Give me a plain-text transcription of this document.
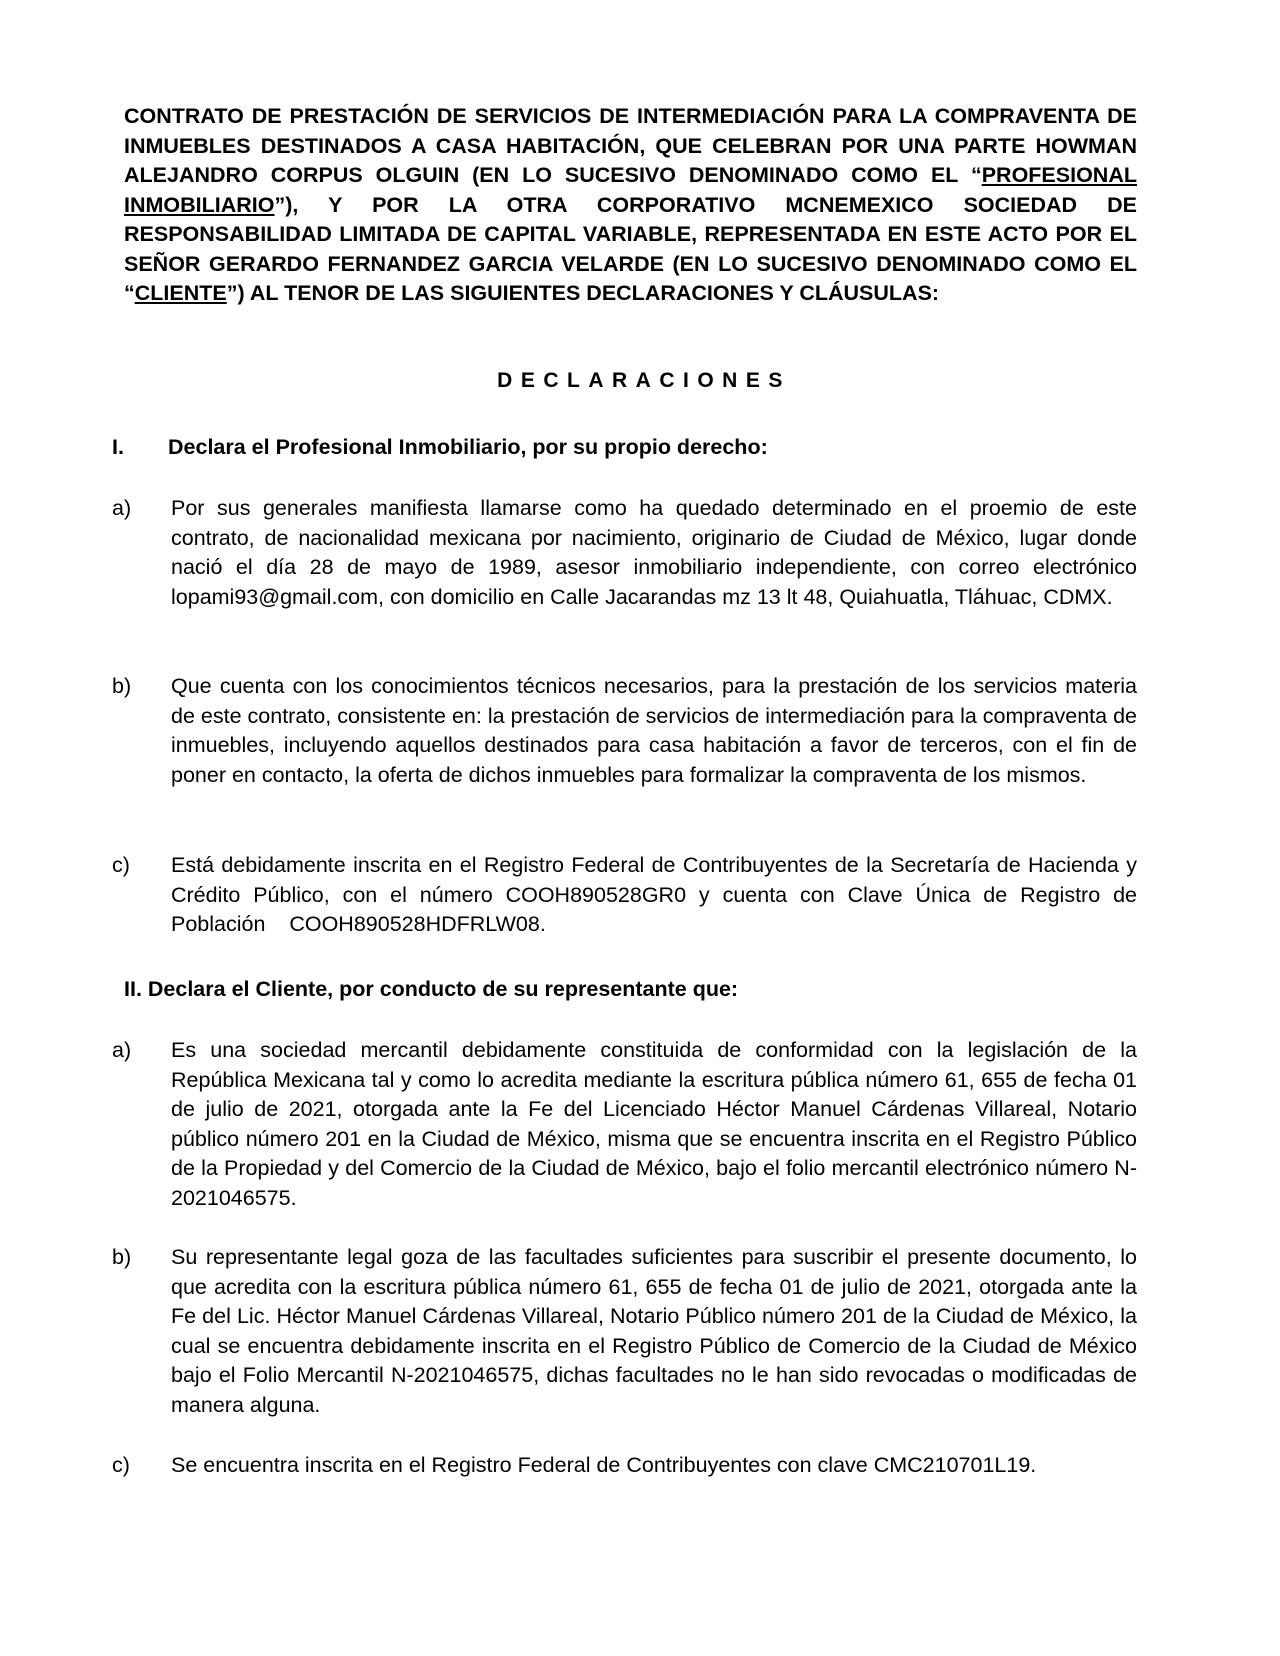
CONTRATO DE PRESTACIÓN DE SERVICIOS DE INTERMEDIACIÓN PARA LA COMPRAVENTA DE INMUEBLES DESTINADOS A CASA HABITACIÓN, QUE CELEBRAN POR UNA PARTE HOWMAN ALEJANDRO CORPUS OLGUIN (EN LO SUCESIVO DENOMINADO COMO EL “PROFESIONAL INMOBILIARIO”), Y POR LA OTRA CORPORATIVO MCNEMEXICO SOCIEDAD DE RESPONSABILIDAD LIMITADA DE CAPITAL VARIABLE, REPRESENTADA EN ESTE ACTO POR EL SEÑOR GERARDO FERNANDEZ GARCIA VELARDE (EN LO SUCESIVO DENOMINADO COMO EL “CLIENTE”) AL TENOR DE LAS SIGUIENTES DECLARACIONES Y CLÁUSULAS:
DECLARACIONES
I. Declara el Profesional Inmobiliario, por su propio derecho:
a)	Por sus generales manifiesta llamarse como ha quedado determinado en el proemio de este contrato, de nacionalidad mexicana por nacimiento, originario de Ciudad de México, lugar donde nació el día 28 de mayo de 1989, asesor inmobiliario independiente, con correo electrónico lopami93@gmail.com, con domicilio en Calle Jacarandas mz 13 lt 48, Quiahuatla, Tláhuac, CDMX.
b)	Que cuenta con los conocimientos técnicos necesarios, para la prestación de los servicios materia de este contrato, consistente en: la prestación de servicios de intermediación para la compraventa de inmuebles, incluyendo aquellos destinados para casa habitación a favor de terceros, con el fin de poner en contacto, la oferta de dichos inmuebles para formalizar la compraventa de los mismos.
c)	Está debidamente inscrita en el Registro Federal de Contribuyentes de la Secretaría de Hacienda y Crédito Público, con el número COOH890528GR0 y cuenta con Clave Única de Registro de Población    COOH890528HDFRLW08.
II. Declara el Cliente, por conducto de su representante que:
a)	Es una sociedad mercantil debidamente constituida de conformidad con la legislación de la República Mexicana tal y como lo acredita mediante la escritura pública número 61, 655 de fecha 01 de julio de 2021, otorgada ante la Fe del Licenciado Héctor Manuel Cárdenas Villareal, Notario público número 201 en la Ciudad de México, misma que se encuentra inscrita en el Registro Público de la Propiedad y del Comercio de la Ciudad de México, bajo el folio mercantil electrónico número N-2021046575.
b)	Su representante legal goza de las facultades suficientes para suscribir el presente documento, lo que acredita con la escritura pública número 61, 655 de fecha 01 de julio de 2021, otorgada ante la Fe del Lic. Héctor Manuel Cárdenas Villareal, Notario Público número 201 de la Ciudad de México, la cual se encuentra debidamente inscrita en el Registro Público de Comercio de la Ciudad de México bajo el Folio Mercantil N-2021046575, dichas facultades no le han sido revocadas o modificadas de manera alguna.
c)	Se encuentra inscrita en el Registro Federal de Contribuyentes con clave CMC210701L19.
